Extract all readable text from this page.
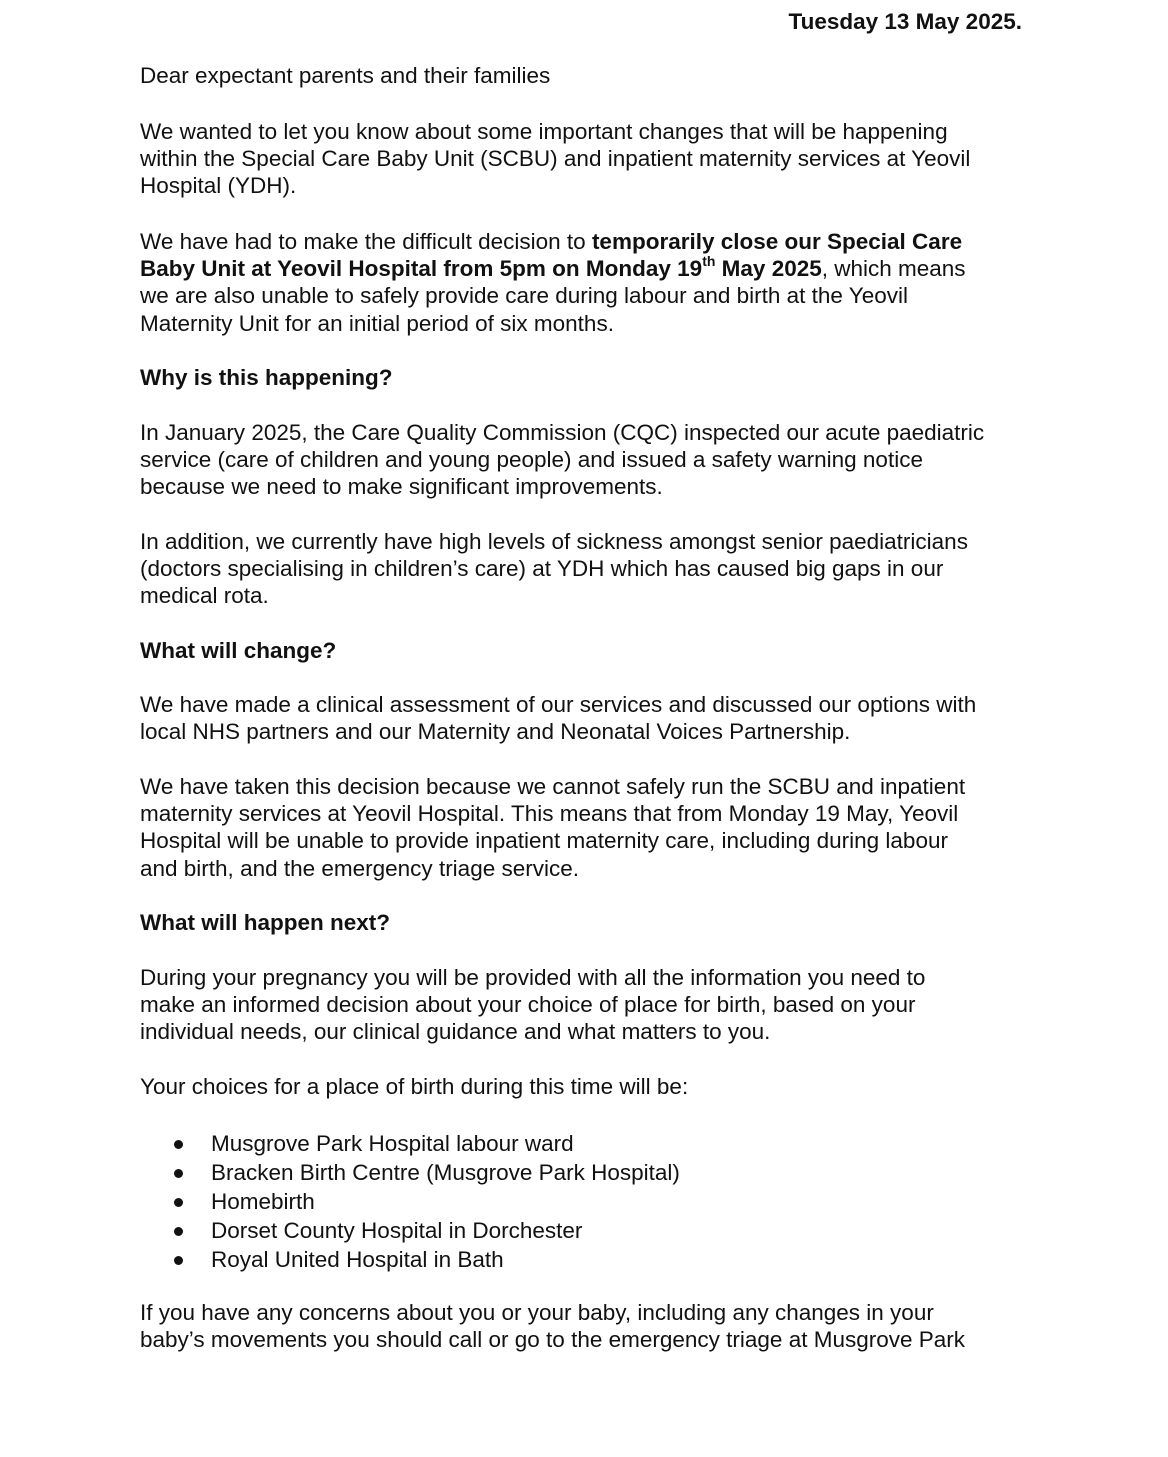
Tuesday 13 May 2025.

Dear expectant parents and their families

We wanted to let you know about some important changes that will be happening
within the Special Care Baby Unit (SCBU) and inpatient maternity services at Yeovil
Hospital (YDH).

We have had to make the difficult decision to temporarily close our Special Care
Baby Unit at Yeovil Hospital from 5pm on Monday 19th May 2025, which means
we are also unable to safely provide care during labour and birth at the Yeovil
Maternity Unit for an initial period of six months.

Why is this happening?

In January 2025, the Care Quality Commission (CQC) inspected our acute paediatric
service (care of children and young people) and issued a safety warning notice
because we need to make significant improvements.

In addition, we currently have high levels of sickness amongst senior paediatricians
(doctors specialising in children’s care) at YDH which has caused big gaps in our
medical rota.

What will change?

We have made a clinical assessment of our services and discussed our options with
local NHS partners and our Maternity and Neonatal Voices Partnership.

We have taken this decision because we cannot safely run the SCBU and inpatient
maternity services at Yeovil Hospital. This means that from Monday 19 May, Yeovil
Hospital will be unable to provide inpatient maternity care, including during labour
and birth, and the emergency triage service.

What will happen next?

During your pregnancy you will be provided with all the information you need to
make an informed decision about your choice of place for birth, based on your
individual needs, our clinical guidance and what matters to you.

Your choices for a place of birth during this time will be:

Musgrove Park Hospital labour ward
Bracken Birth Centre (Musgrove Park Hospital)
Homebirth
Dorset County Hospital in Dorchester
Royal United Hospital in Bath

If you have any concerns about you or your baby, including any changes in your
baby’s movements you should call or go to the emergency triage at Musgrove Park
